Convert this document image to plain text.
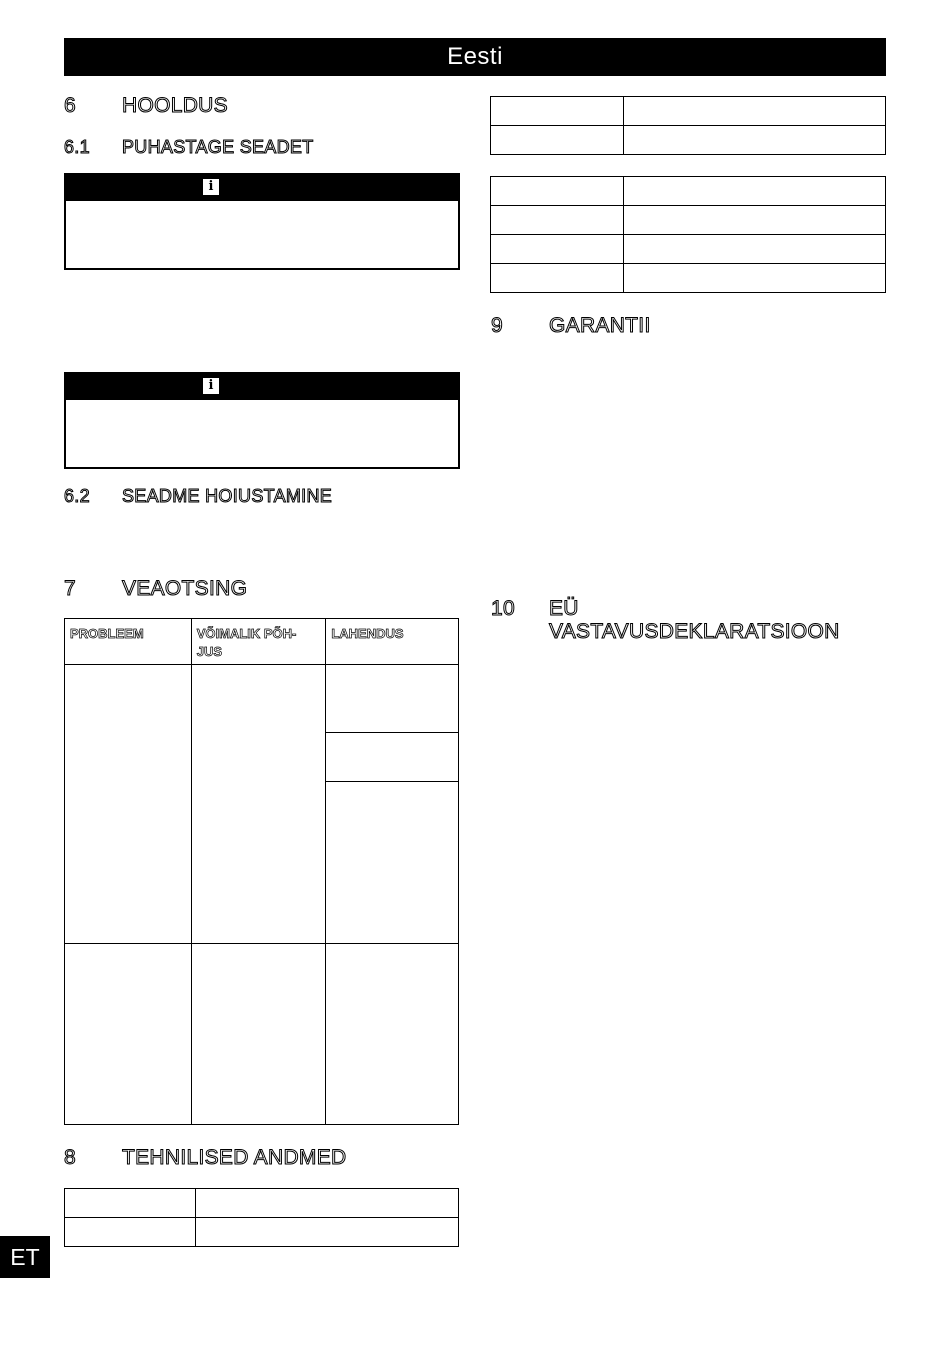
Eesti
6 HOOLDUS
6.1 PUHASTAGE SEADET
i
i
6.2 SEADME HOIUSTAMINE
7 VEAOTSING
PROBLEEM	VÕIMALIK PÕH-JUS	LAHENDUS

8 TEHNILISED ANDMED

9 GARANTII
10 EÜ
VASTAVUSDEKLARATSIOON
ET
